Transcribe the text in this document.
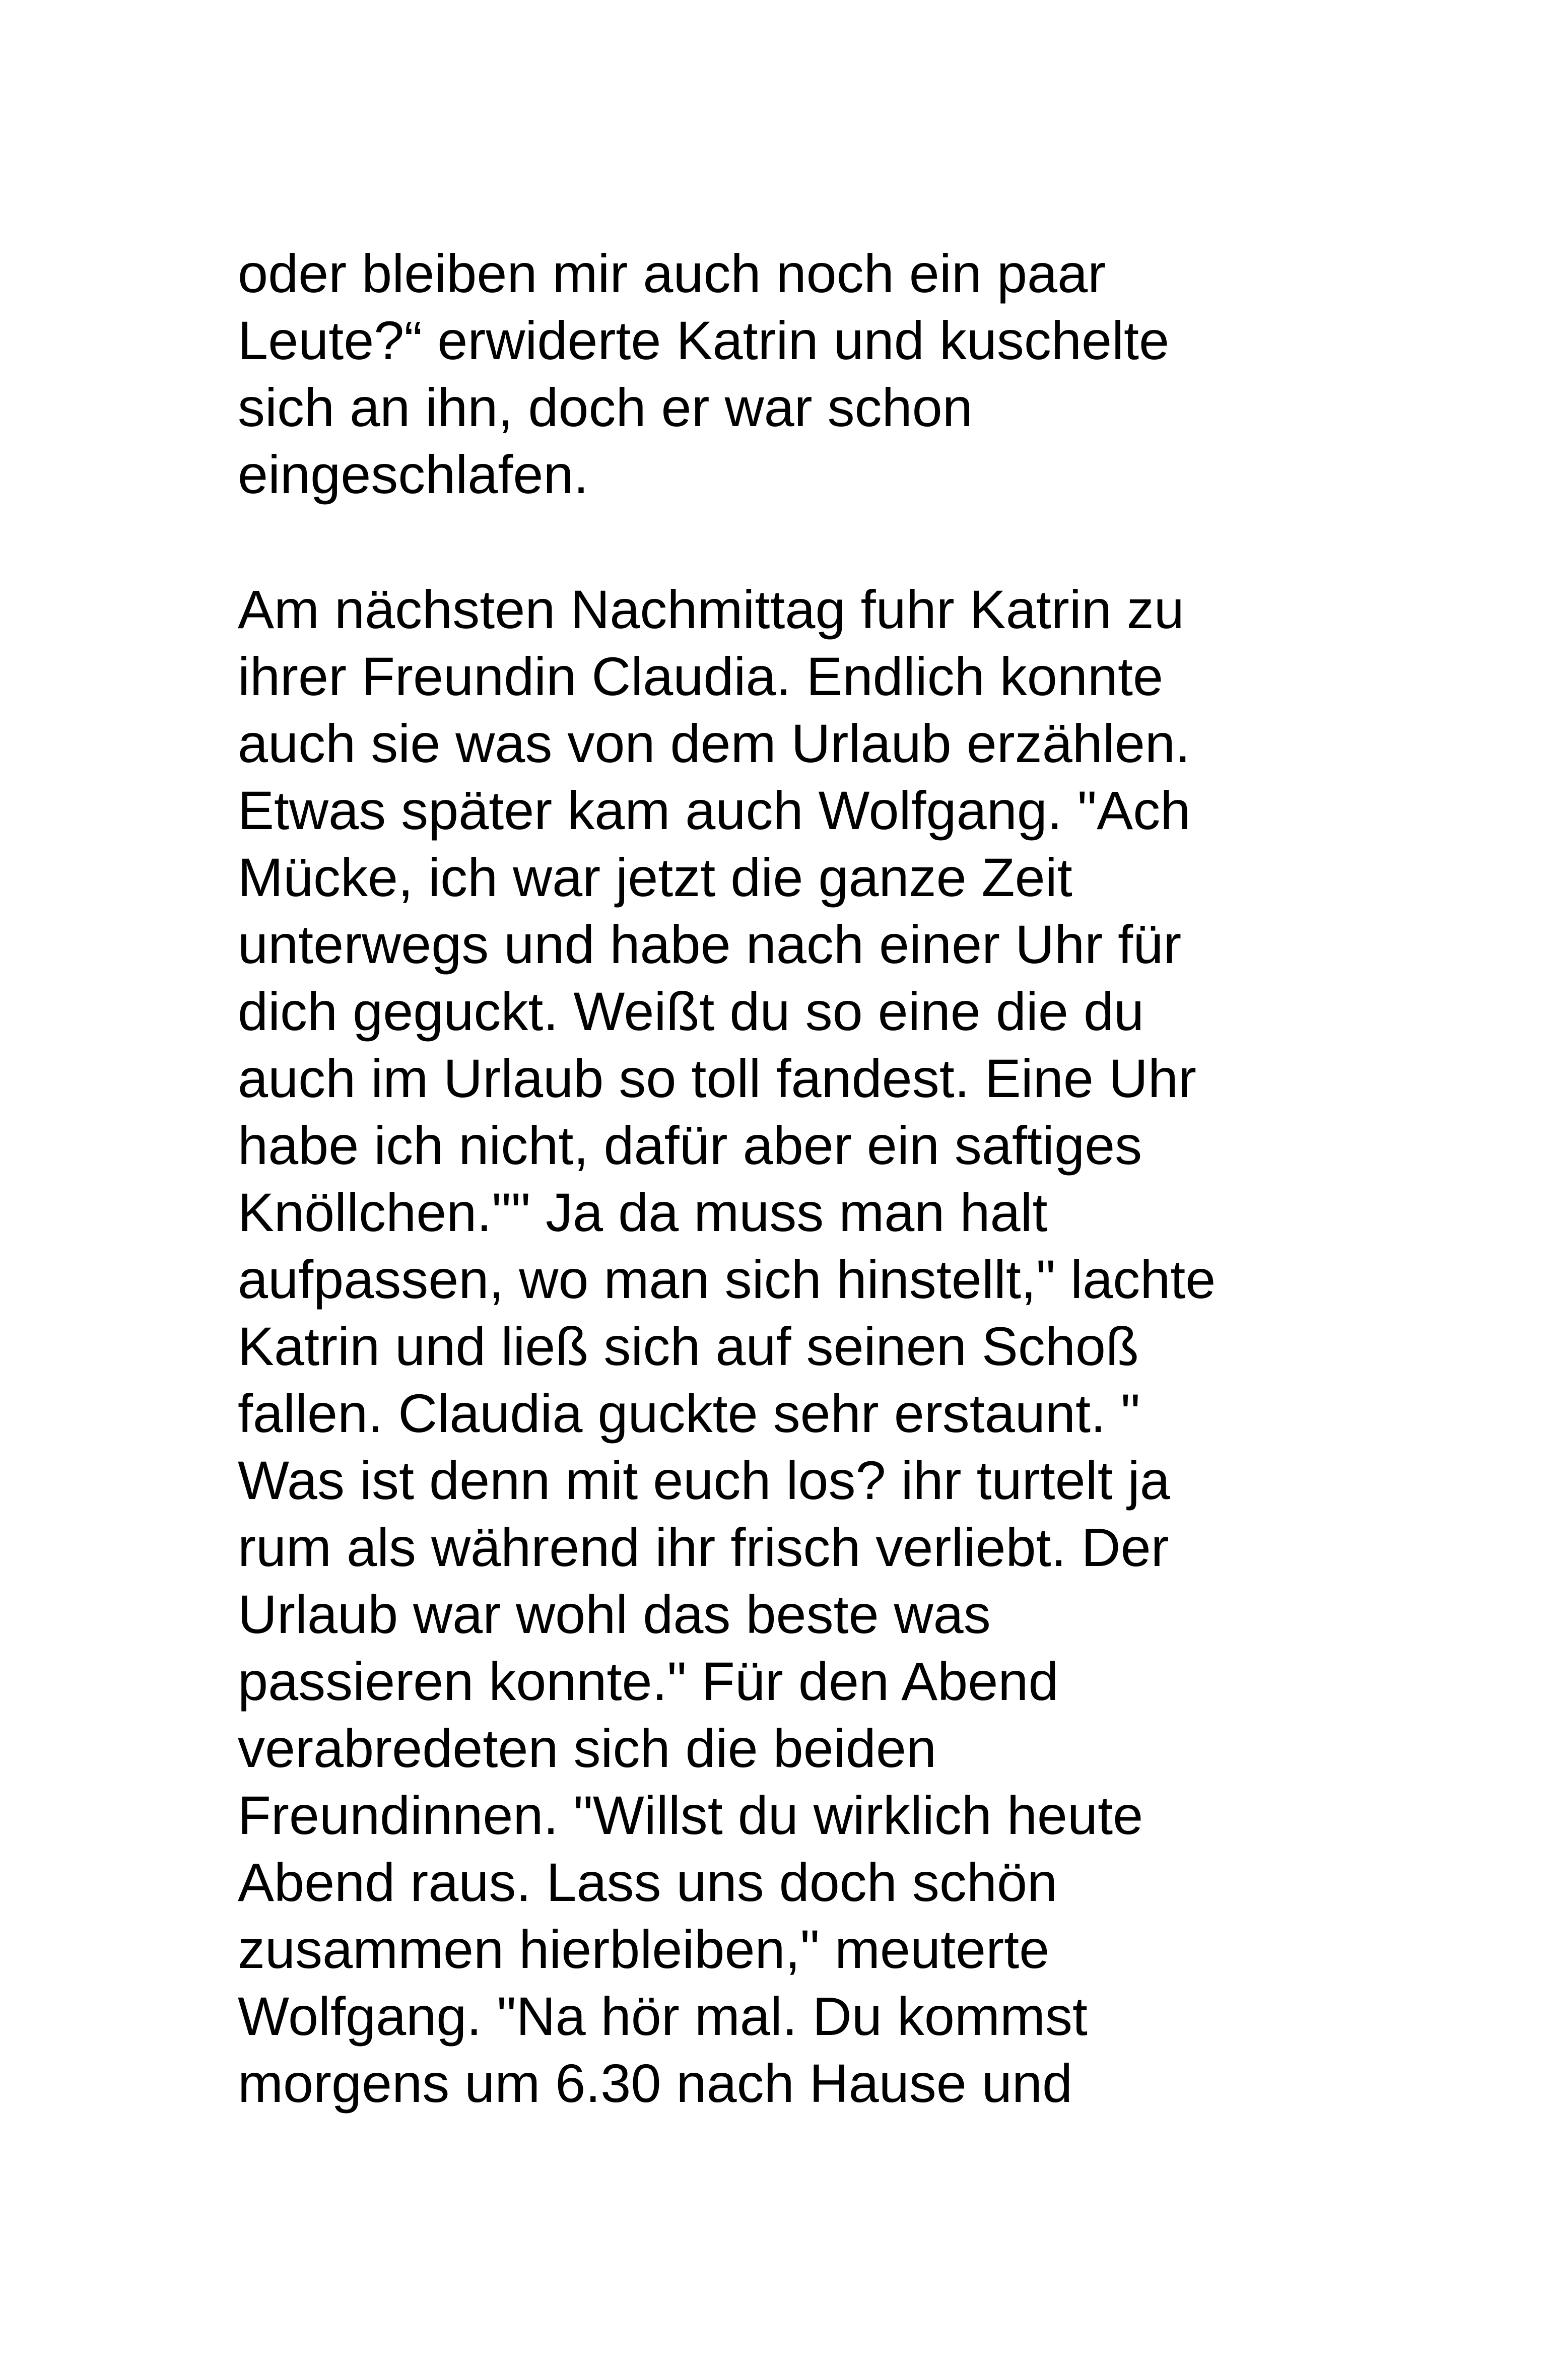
oder bleiben mir auch noch ein paar
Leute?“ erwiderte Katrin und kuschelte
sich an ihn, doch er war schon
eingeschlafen.

Am nächsten Nachmittag fuhr Katrin zu
ihrer Freundin Claudia. Endlich konnte
auch sie was von dem Urlaub erzählen.
Etwas später kam auch Wolfgang. "Ach
Mücke, ich war jetzt die ganze Zeit
unterwegs und habe nach einer Uhr für
dich geguckt. Weißt du so eine die du
auch im Urlaub so toll fandest. Eine Uhr
habe ich nicht, dafür aber ein saftiges
Knöllchen."" Ja da muss man halt
aufpassen, wo man sich hinstellt," lachte
Katrin und ließ sich auf seinen Schoß
fallen. Claudia guckte sehr erstaunt. "
Was ist denn mit euch los? ihr turtelt ja
rum als während ihr frisch verliebt. Der
Urlaub war wohl das beste was
passieren konnte." Für den Abend
verabredeten sich die beiden
Freundinnen. "Willst du wirklich heute
Abend raus. Lass uns doch schön
zusammen hierbleiben," meuterte
Wolfgang. "Na hör mal. Du kommst
morgens um 6.30 nach Hause und
